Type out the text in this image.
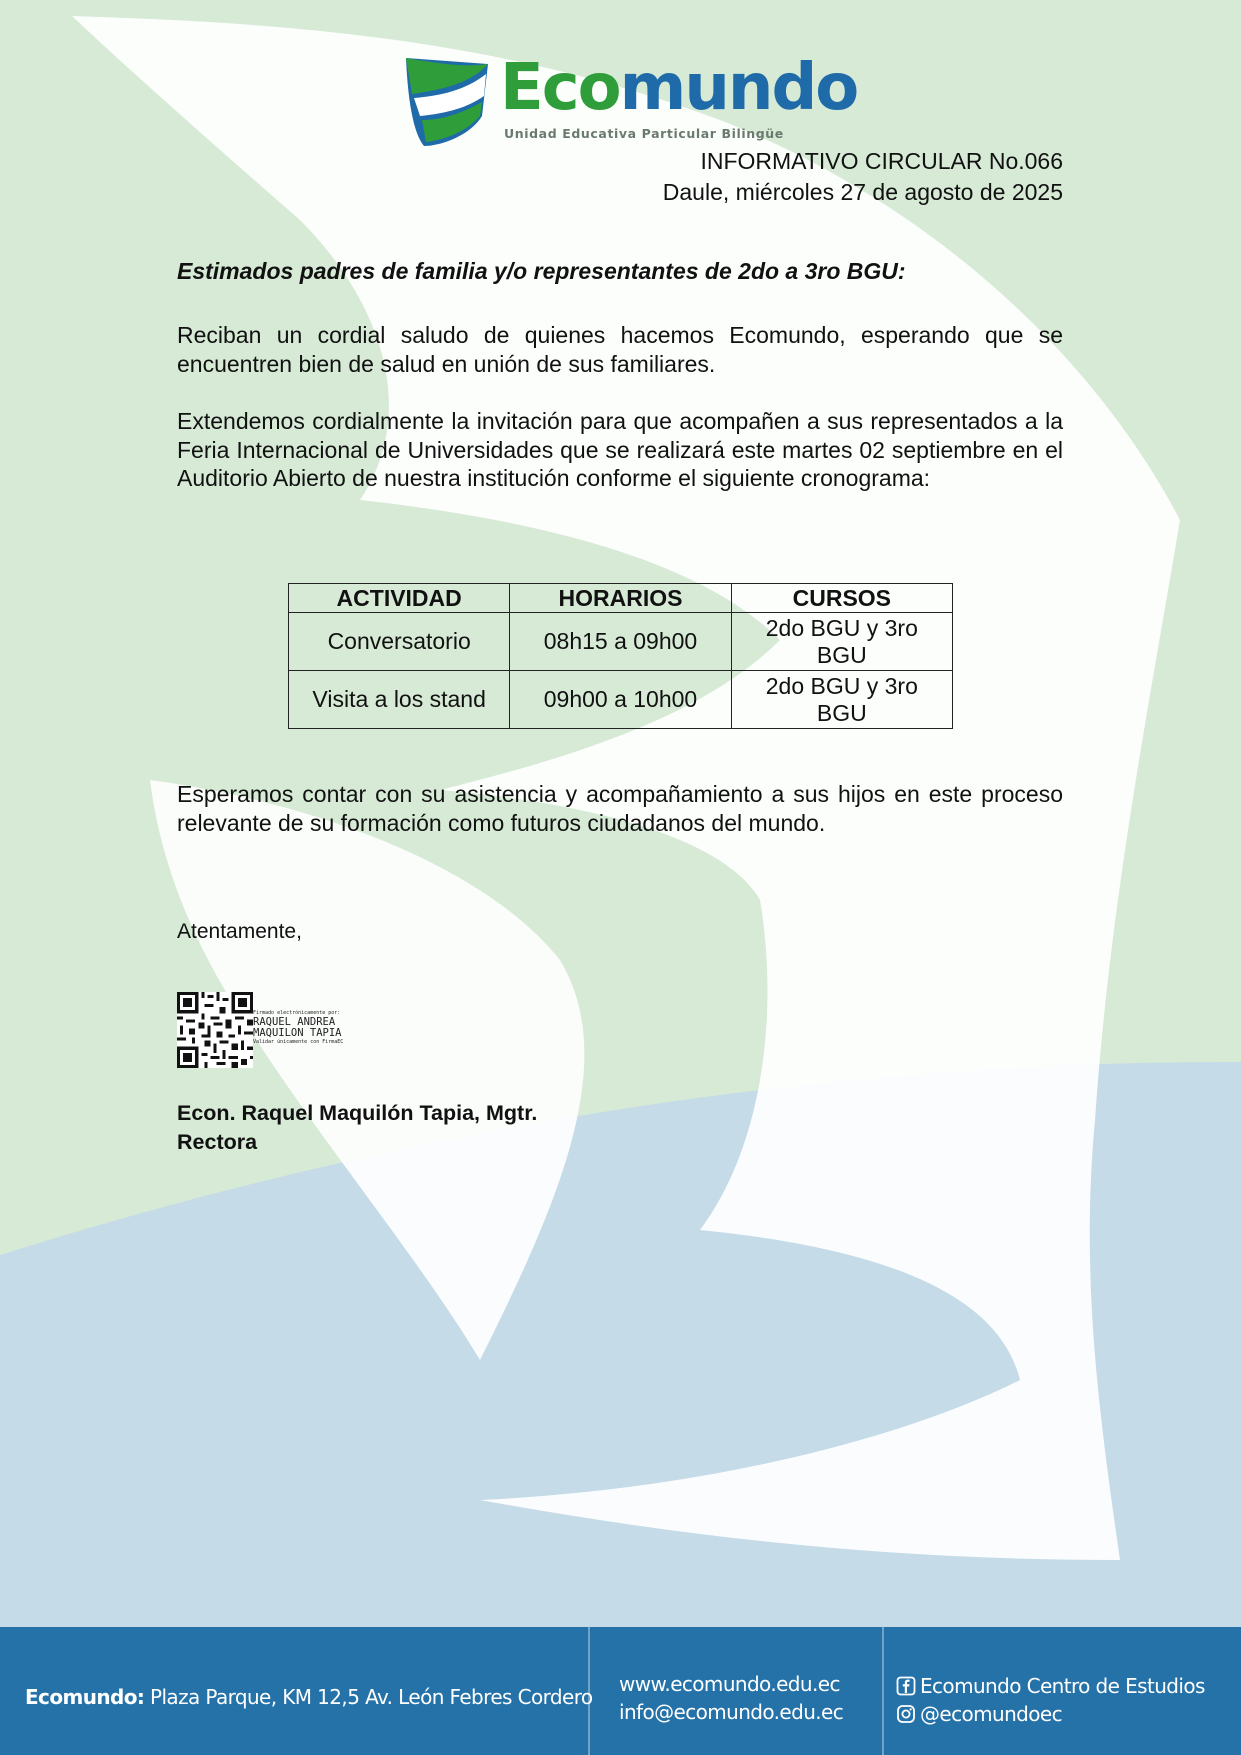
Ecomundo
Unidad Educativa Particular Bilingüe
INFORMATIVO CIRCULAR No.066
Daule, miércoles 27 de agosto de 2025
Estimados padres de familia y/o representantes de 2do a 3ro BGU:

Reciban un cordial saludo de quienes hacemos Ecomundo, esperando que se encuentren bien de salud en unión de sus familiares.

Extendemos cordialmente la invitación para que acompañen a sus representados a la Feria Internacional de Universidades que se realizará este martes 02 septiembre en el Auditorio Abierto de nuestra institución conforme el siguiente cronograma:

ACTIVIDAD	HORARIOS	CURSOS
Conversatorio	08h15 a 09h00	2do BGU y 3ro BGU
Visita a los stand	09h00 a 10h00	2do BGU y 3ro BGU

Esperamos contar con su asistencia y acompañamiento a sus hijos en este proceso relevante de su formación como futuros ciudadanos del mundo.

Atentamente,
Firmado electrónicamente por:
RAQUEL ANDREA
MAQUILON TAPIA
Validar únicamente con FirmaEC
Econ. Raquel Maquilón Tapia, Mgtr.
Rectora
Ecomundo: Plaza Parque, KM 12,5 Av. León Febres Cordero
www.ecomundo.edu.ec
info@ecomundo.edu.ec
Ecomundo Centro de Estudios
@ecomundoec
